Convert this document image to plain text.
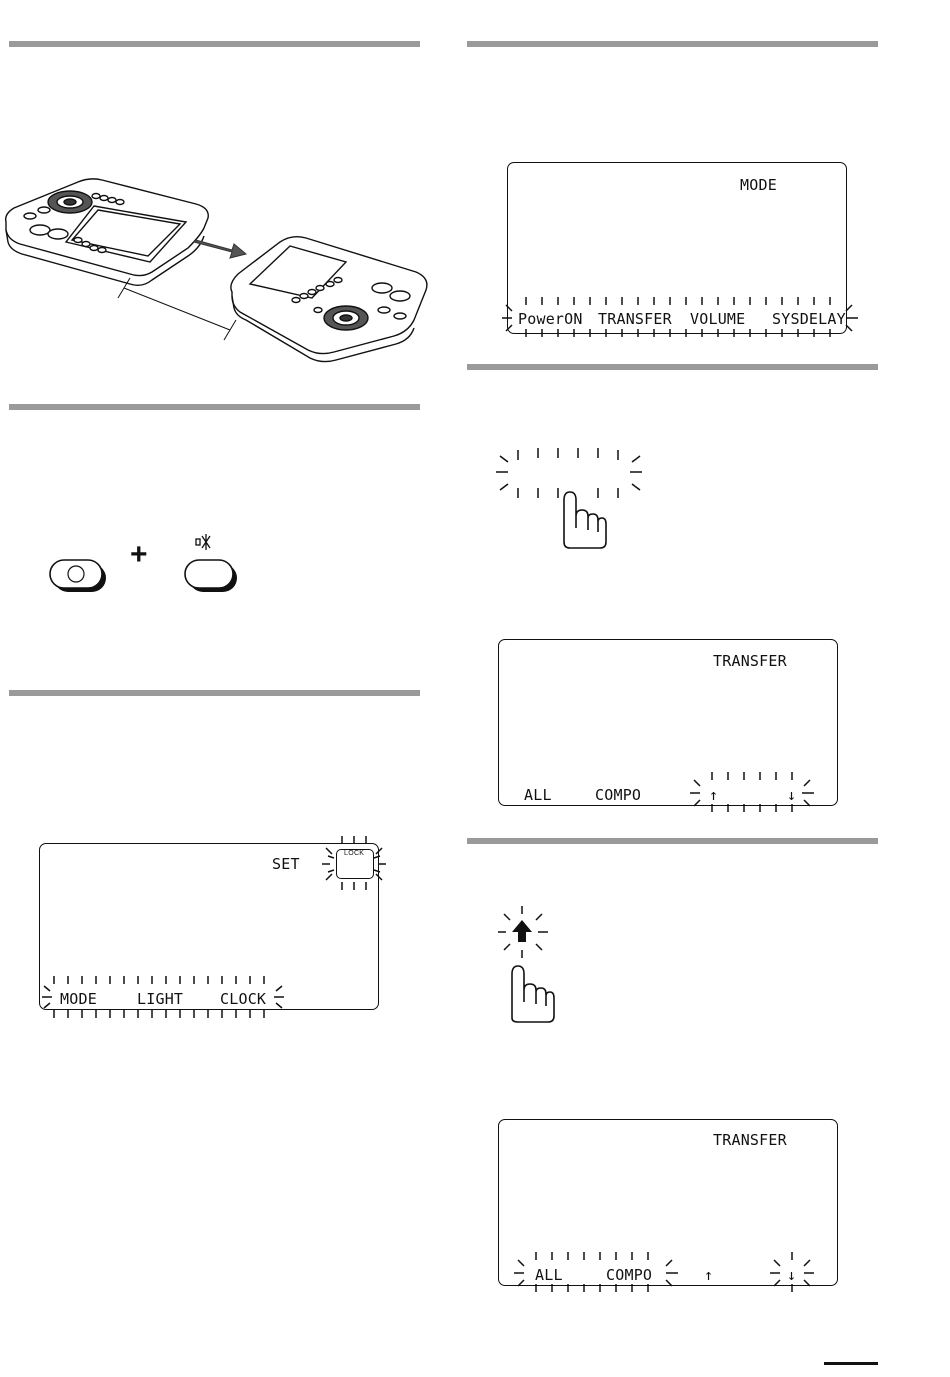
+
SET
LOCK
MODE	LIGHT CLOCK
MODE
PowerON TRANSFER VOLUME SYSDELAY
TRANSFER
ALL	COMPO	↑	↓
TRANSFER
ALL	COMPO	↑	↓
